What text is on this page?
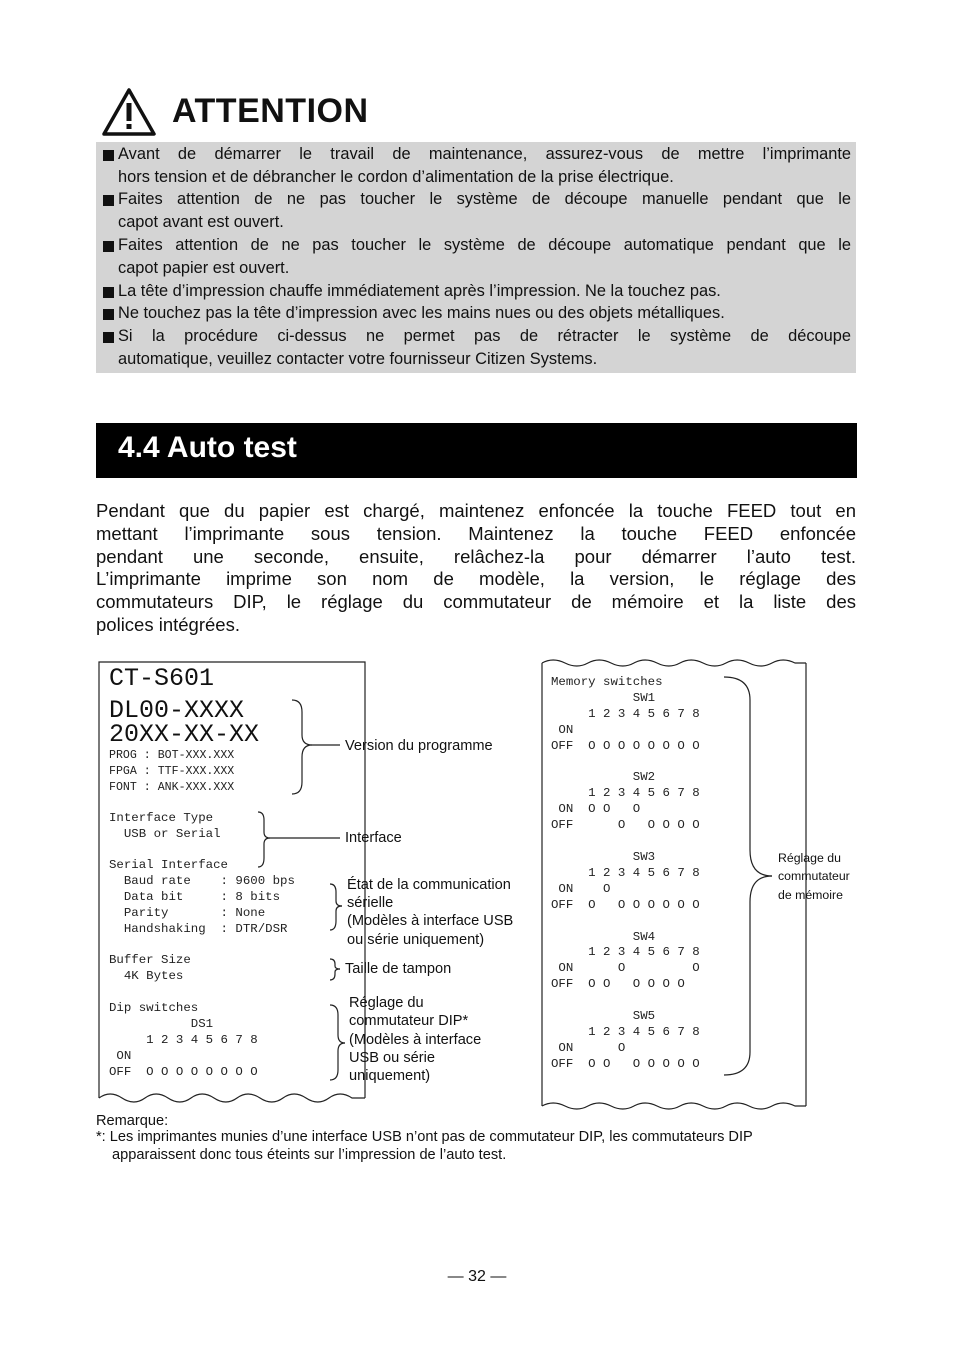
ATTENTION
Avant de démarrer le travail de maintenance, assurez-vous de mettre l’imprimante
hors tension et de débrancher le cordon d’alimentation de la prise électrique.
Faites attention de ne pas toucher le système de découpe manuelle pendant que le
capot avant est ouvert.
Faites attention de ne pas toucher le système de découpe automatique pendant que le
capot papier est ouvert.
La tête d’impression chauffe immédiatement après l’impression. Ne la touchez pas.
Ne touchez pas la tête d’impression avec les mains nues ou des objets métalliques.
Si la procédure ci-dessus ne permet pas de rétracter le système de découpe
automatique, veuillez contacter votre fournisseur Citizen Systems.
4.4 Auto test
Pendant que du papier est chargé, maintenez enfoncée la touche FEED tout en
mettant l’imprimante sous tension. Maintenez la touche FEED enfoncée
pendant une seconde, ensuite, relâchez-la pour démarrer l’auto test.
L’imprimante imprime son nom de modèle, la version, le réglage des
commutateurs DIP, le réglage du commutateur de mémoire et la liste des
polices intégrées.
CT-S601
DL00-XXXX
20XX-XX-XX
PROG : BOT-XXX.XXX
FPGA : TTF-XXX.XXX
FONT : ANK-XXX.XXX
Interface Type
USB or Serial
Serial Interface
Baud rate    : 9600 bps
Data bit     : 8 bits
Parity       : None
Handshaking  : DTR/DSR
Buffer Size
4K Bytes
Dip switches
DS1
1 2 3 4 5 6 7 8
ON
OFF  O O O O O O O O
Memory switches
SW1
1 2 3 4 5 6 7 8
ON
OFF  O O O O O O O O

SW2
1 2 3 4 5 6 7 8
ON  O O   O
OFF      O   O O O O

SW3
1 2 3 4 5 6 7 8
ON    O
OFF  O   O O O O O O

SW4
1 2 3 4 5 6 7 8
ON      O         O
OFF  O O   O O O O

SW5
1 2 3 4 5 6 7 8
ON      O
OFF  O O   O O O O O
Version du programme
Interface
État de la communication
sérielle
(Modèles à interface USB
ou série uniquement)
Taille de tampon
Réglage du
commutateur DIP*
(Modèles à interface
USB ou série
uniquement)
Réglage du
commutateur
de mémoire
Remarque:
*: Les imprimantes munies d’une interface USB n’ont pas de commutateur DIP, les commutateurs DIP
apparaissent donc tous éteints sur l’impression de l’auto test.
— 32 —
